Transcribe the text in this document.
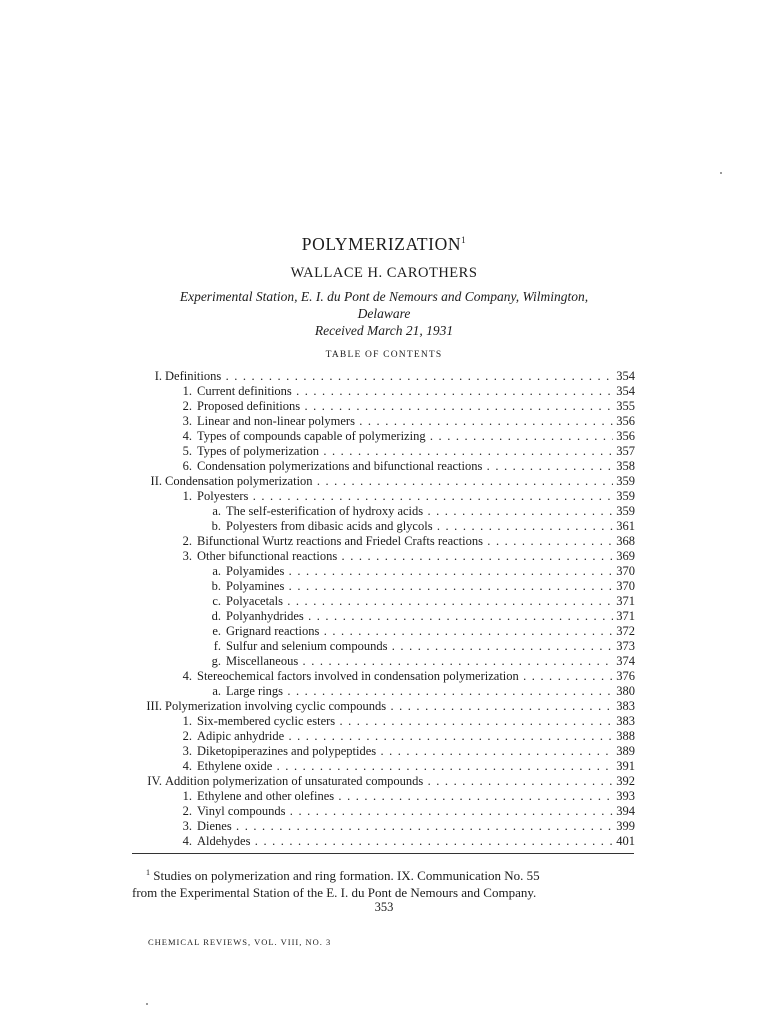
POLYMERIZATION$^1$
WALLACE H. CAROTHERS
Experimental Station, E. I. du Pont de Nemours and Company, Wilmington,
Delaware
Received March 21, 1931
TABLE OF CONTENTS
I. Definitions . . .	354
1. Current definitions . . .	354
2. Proposed definitions . . .	355
3. Linear and non-linear polymers . . .	356
4. Types of compounds capable of polymerizing . . .	356
5. Types of polymerization . . .	357
6. Condensation polymerizations and bifunctional reactions . . .	358
II. Condensation polymerization . . .	359
1. Polyesters . . .	359
a. The self-esterification of hydroxy acids . . .	359
b. Polyesters from dibasic acids and glycols . . .	361
2. Bifunctional Wurtz reactions and Friedel Crafts reactions . . .	368
3. Other bifunctional reactions . . .	369
a. Polyamides . . .	370
b. Polyamines . . .	370
c. Polyacetals . . .	371
d. Polyanhydrides . . .	371
e. Grignard reactions . . .	372
f. Sulfur and selenium compounds . . .	373
g. Miscellaneous . . .	374
4. Stereochemical factors involved in condensation polymerization . . .	376
a. Large rings . . .	380
III. Polymerization involving cyclic compounds . . .	383
1. Six-membered cyclic esters . . .	383
2. Adipic anhydride . . .	388
3. Diketopiperazines and polypeptides . . .	389
4. Ethylene oxide . . .	391
IV. Addition polymerization of unsaturated compounds . . .	392
1. Ethylene and other olefines . . .	393
2. Vinyl compounds . . .	394
3. Dienes . . .	399
4. Aldehydes . . .	401
$^1$ Studies on polymerization and ring formation. IX. Communication No. 55
from the Experimental Station of the E. I. du Pont de Nemours and Company.
353
CHEMICAL REVIEWS, VOL. VIII, NO. 3
